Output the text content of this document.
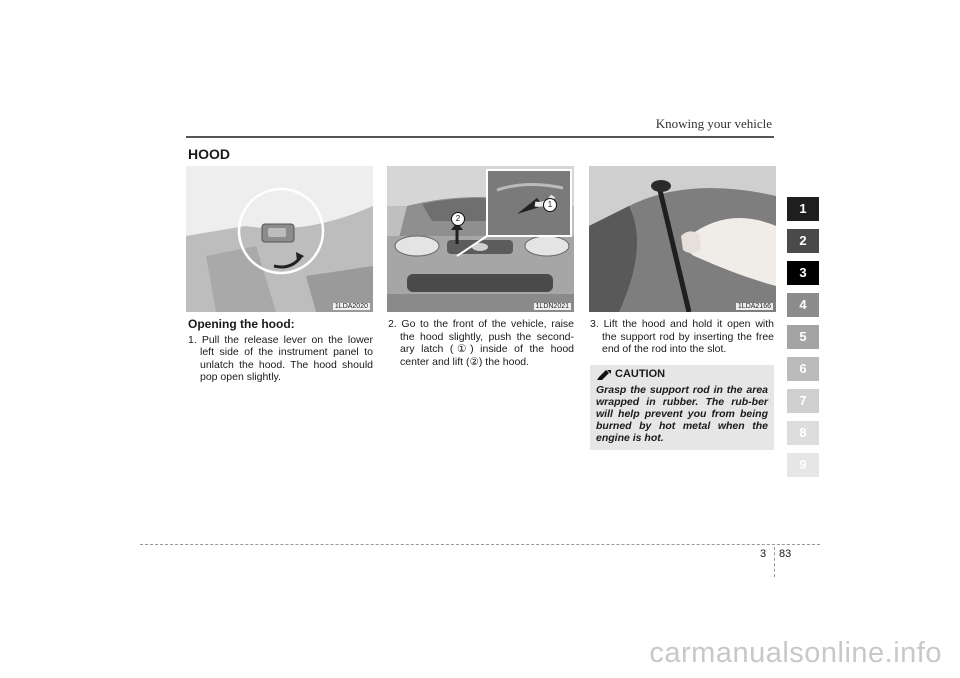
Knowing your vehicle
HOOD
1LDA2020
1
2
1LDN2021	1LDA2166
Opening the hood:

1. Pull the release lever on the lower left side of the instrument panel to unlatch the hood. The hood should pop open slightly.

2. Go to the front of the vehicle, raise the hood slightly, push the second-ary latch (①) inside of the hood center and lift (②) the hood.

3. Lift the hood and hold it open with the support rod by inserting the free end of the rod into the slot.

CAUTION
Grasp the support rod in the area wrapped in rubber. The rub-ber will help prevent you from being burned by hot metal when the engine is hot.
1
2
3
4
5
6
7
8
9
3 83
carmanualsonline.info
